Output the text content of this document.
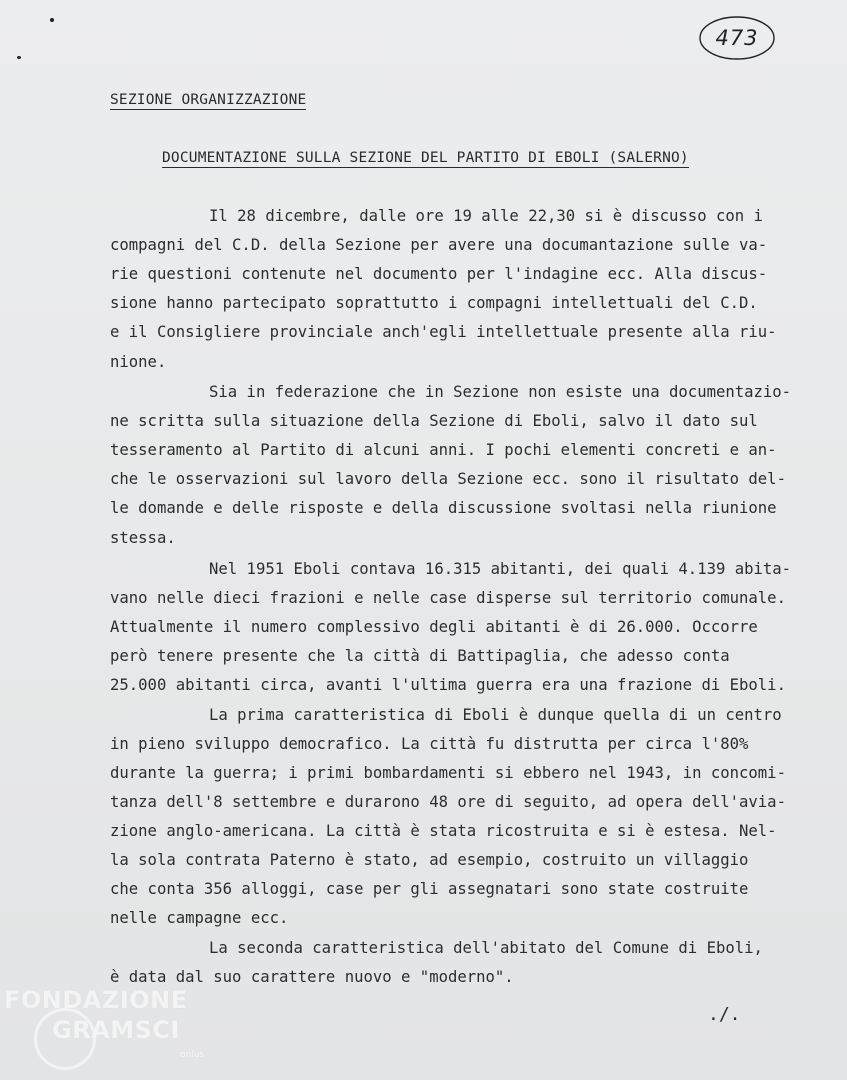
473
SEZIONE ORGANIZZAZIONE
DOCUMENTAZIONE SULLA SEZIONE DEL PARTITO DI EBOLI (SALERNO)
Il 28 dicembre, dalle ore 19 alle 22,30 si è discusso con i
compagni del C.D. della Sezione per avere una documantazione sulle va-
rie questioni contenute nel documento per l'indagine ecc. Alla discus-
sione hanno partecipato soprattutto i compagni intellettuali del C.D.
e il Consigliere provinciale anch'egli intellettuale presente alla riu-
nione.
Sia in federazione che in Sezione non esiste una documentazio-
ne scritta sulla situazione della Sezione di Eboli, salvo il dato sul
tesseramento al Partito di alcuni anni. I pochi elementi concreti e an-
che le osservazioni sul lavoro della Sezione ecc. sono il risultato del-
le domande e delle risposte e della discussione svoltasi nella riunione
stessa.
Nel 1951 Eboli contava 16.315 abitanti, dei quali 4.139 abita-
vano nelle dieci frazioni e nelle case disperse sul territorio comunale.
Attualmente il numero complessivo degli abitanti è di 26.000. Occorre
però tenere presente che la città di Battipaglia, che adesso conta
25.000 abitanti circa, avanti l'ultima guerra era una frazione di Eboli.
La prima caratteristica di Eboli è dunque quella di un centro
in pieno sviluppo democrafico. La città fu distrutta per circa l'80%
durante la guerra; i primi bombardamenti si ebbero nel 1943, in concomi-
tanza dell'8 settembre e durarono 48 ore di seguito, ad opera dell'avia-
zione anglo-americana. La città è stata ricostruita e si è estesa. Nel-
la sola contrata Paterno è stato, ad esempio, costruito un villaggio
che conta 356 alloggi, case per gli assegnatari sono state costruite
nelle campagne ecc.
La seconda caratteristica dell'abitato del Comune di Eboli,
è data dal suo carattere nuovo e "moderno".
./.
FONDAZIONE
GRAMSCI
onlus
